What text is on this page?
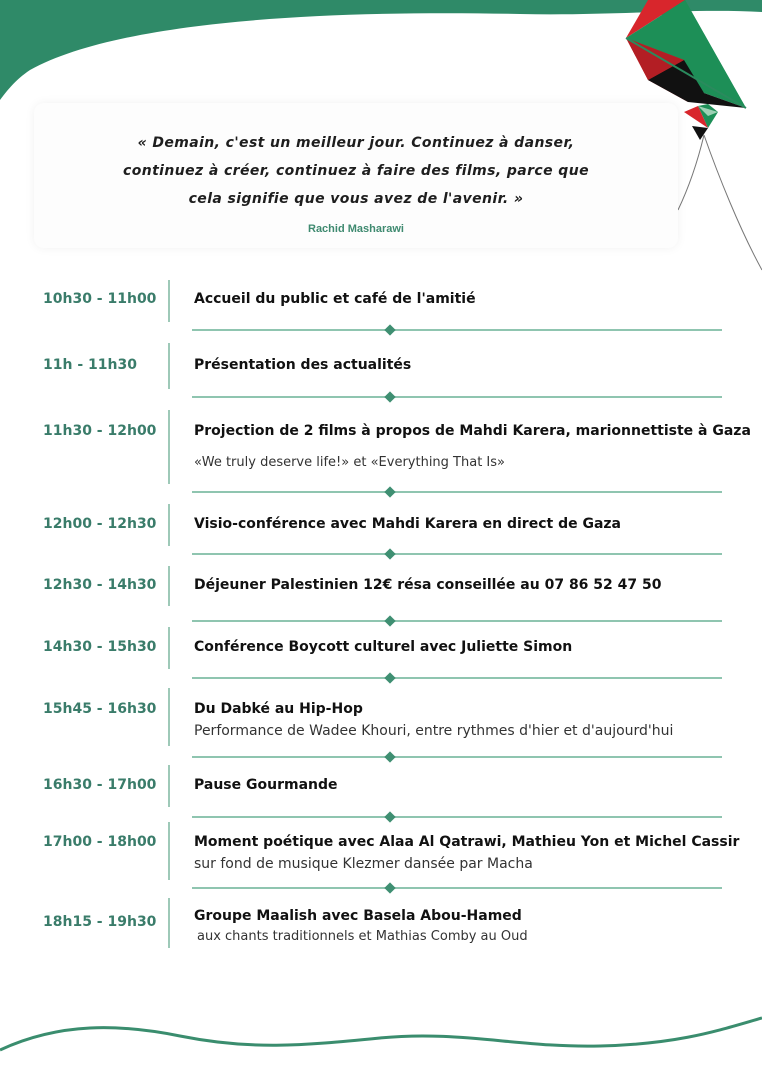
« Demain, c'est un meilleur jour. Continuez à danser, continuez à créer, continuez à faire des films, parce que cela signifie que vous avez de l'avenir. »
Rachid Masharawi
10h30 - 11h00	Accueil du public et café de l'amitié
11h - 11h30	Présentation des actualités
11h30 - 12h00	Projection de 2 films à propos de Mahdi Karera, marionnettiste à Gaza
«We truly deserve life!» et «Everything That Is»
12h00 - 12h30	Visio-conférence avec Mahdi Karera en direct de Gaza
12h30 - 14h30	Déjeuner Palestinien 12€ résa conseillée au 07 86 52 47 50
14h30 - 15h30	Conférence Boycott culturel avec Juliette Simon
15h45 - 16h30	Du Dabké au Hip-Hop
Performance de Wadee Khouri, entre rythmes d'hier et d'aujourd'hui
16h30 - 17h00	Pause Gourmande
17h00 - 18h00	Moment poétique avec Alaa Al Qatrawi, Mathieu Yon et Michel Cassir
sur fond de musique Klezmer dansée par Macha
18h15 - 19h30	Groupe Maalish avec Basela Abou-Hamed
aux chants traditionnels et Mathias Comby au Oud
